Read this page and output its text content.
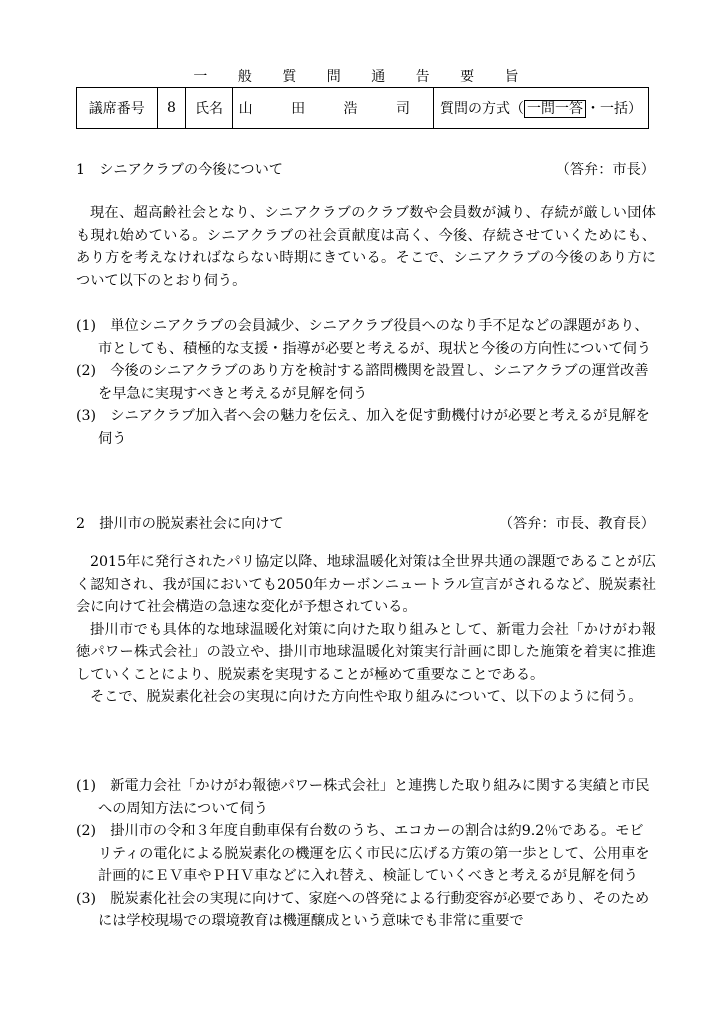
一 般 質 問 通 告 要 旨
議席番号	8	氏名	山 田 浩 司	質問の方式（ 一問一答 ・一括）
1　シニアクラブの今後について	（答弁：市長）

現在、超高齢社会となり、シニアクラブのクラブ数や会員数が減り、存続が厳しい団体も現れ始めている。シニアクラブの社会貢献度は高く、今後、存続させていくためにも、あり方を考えなければならない時期にきている。そこで、シニアクラブの今後のあり方について以下のとおり伺う。

(1)　単位シニアクラブの会員減少、シニアクラブ役員へのなり手不足などの課題があり、市としても、積極的な支援・指導が必要と考えるが、現状と今後の方向性について伺う
(2)　今後のシニアクラブのあり方を検討する諮問機関を設置し、シニアクラブの運営改善を早急に実現すべきと考えるが見解を伺う
(3)　シニアクラブ加入者へ会の魅力を伝え、加入を促す動機付けが必要と考えるが見解を伺う
2　掛川市の脱炭素社会に向けて	（答弁：市長、教育長）

2015年に発行されたパリ協定以降、地球温暖化対策は全世界共通の課題であることが広く認知され、我が国においても2050年カーボンニュートラル宣言がされるなど、脱炭素社会に向けて社会構造の急速な変化が予想されている。

掛川市でも具体的な地球温暖化対策に向けた取り組みとして、新電力会社「かけがわ報徳パワー株式会社」の設立や、掛川市地球温暖化対策実行計画に即した施策を着実に推進していくことにより、脱炭素を実現することが極めて重要なことである。

そこで、脱炭素化社会の実現に向けた方向性や取り組みについて、以下のように伺う。

(1)　新電力会社「かけがわ報徳パワー株式会社」と連携した取り組みに関する実績と市民への周知方法について伺う
(2)　掛川市の令和３年度自動車保有台数のうち、エコカーの割合は約9.2％である。モビリティの電化による脱炭素化の機運を広く市民に広げる方策の第一歩として、公用車を計画的にＥＶ車やＰＨＶ車などに入れ替え、検証していくべきと考えるが見解を伺う
(3)　脱炭素化社会の実現に向けて、家庭への啓発による行動変容が必要であり、そのためには学校現場での環境教育は機運醸成という意味でも非常に重要で
